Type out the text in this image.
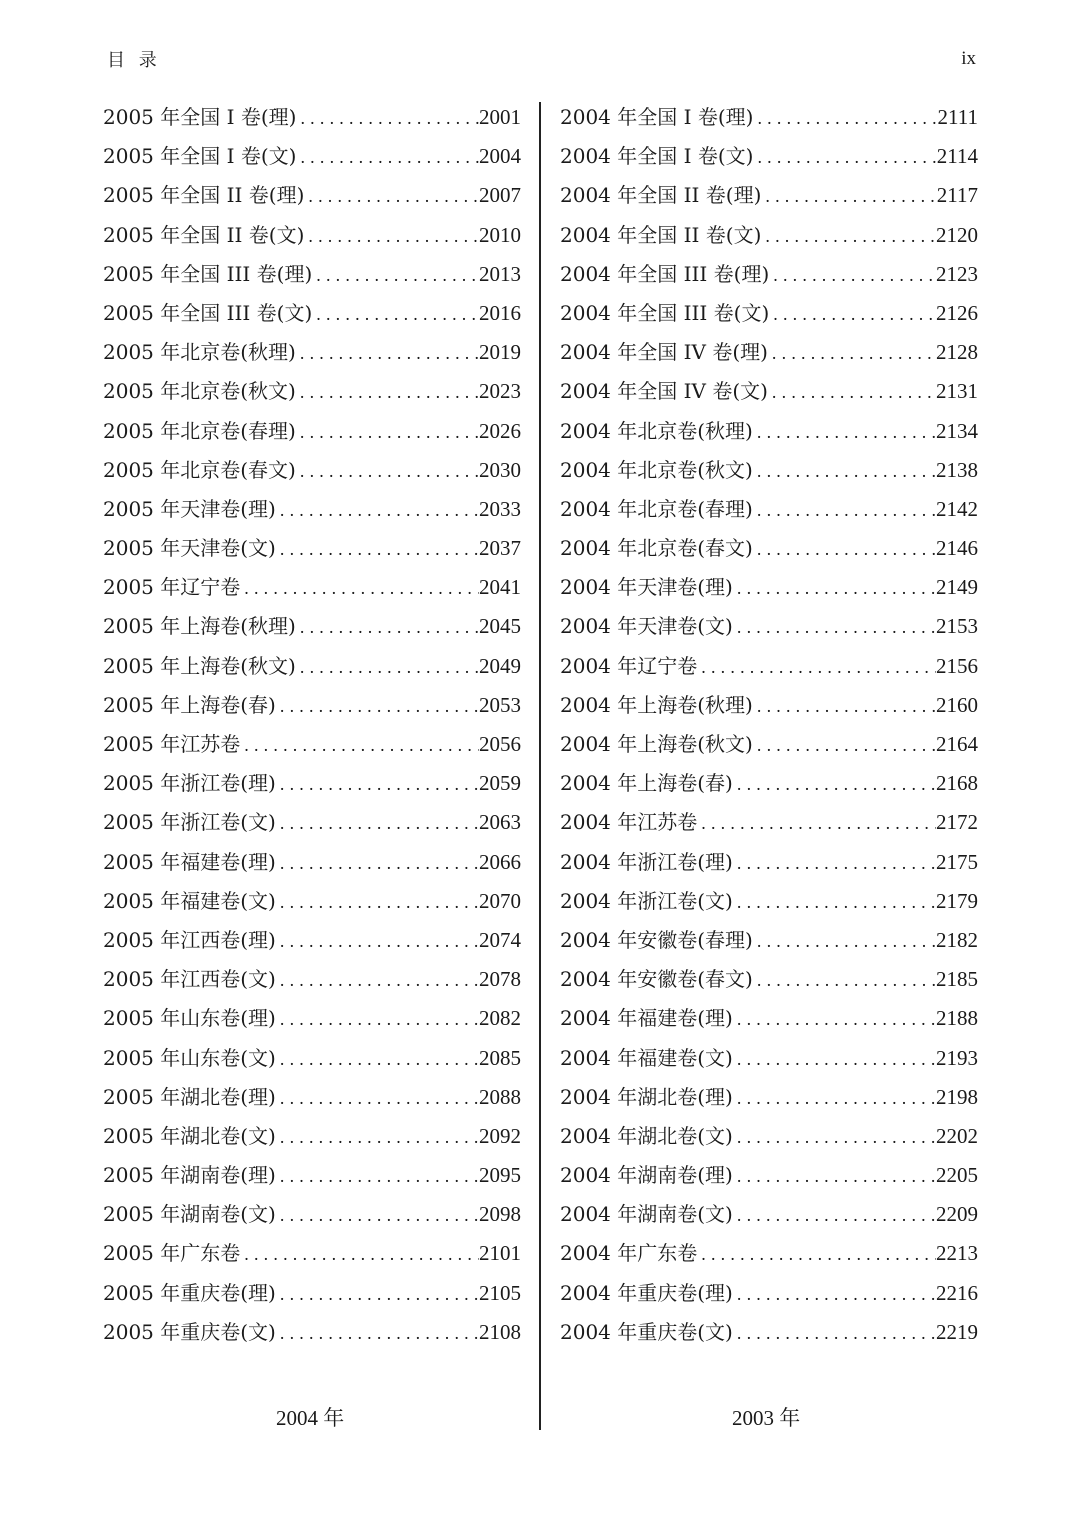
目 录	ix
2005 年全国 I 卷(理) .....	2001
2005 年全国 I 卷(文) .....	2004
2005 年全国 II 卷(理) .....	2007
2005 年全国 II 卷(文) .....	2010
2005 年全国 III 卷(理) .....	2013
2005 年全国 III 卷(文) .....	2016
2005 年北京卷(秋理) .....	2019
2005 年北京卷(秋文) .....	2023
2005 年北京卷(春理) .....	2026
2005 年北京卷(春文) .....	2030
2005 年天津卷(理) .....	2033
2005 年天津卷(文) .....	2037
2005 年辽宁卷 .....	2041
2005 年上海卷(秋理) .....	2045
2005 年上海卷(秋文) .....	2049
2005 年上海卷(春) .....	2053
2005 年江苏卷 .....	2056
2005 年浙江卷(理) .....	2059
2005 年浙江卷(文) .....	2063
2005 年福建卷(理) .....	2066
2005 年福建卷(文) .....	2070
2005 年江西卷(理) .....	2074
2005 年江西卷(文) .....	2078
2005 年山东卷(理) .....	2082
2005 年山东卷(文) .....	2085
2005 年湖北卷(理) .....	2088
2005 年湖北卷(文) .....	2092
2005 年湖南卷(理) .....	2095
2005 年湖南卷(文) .....	2098
2005 年广东卷 .....	2101
2005 年重庆卷(理) .....	2105
2005 年重庆卷(文) .....	2108
2004 年全国 I 卷(理) .....	2111
2004 年全国 I 卷(文) .....	2114
2004 年全国 II 卷(理) .....	2117
2004 年全国 II 卷(文) .....	2120
2004 年全国 III 卷(理) .....	2123
2004 年全国 III 卷(文) .....	2126
2004 年全国 IV 卷(理) .....	2128
2004 年全国 IV 卷(文) .....	2131
2004 年北京卷(秋理) .....	2134
2004 年北京卷(秋文) .....	2138
2004 年北京卷(春理) .....	2142
2004 年北京卷(春文) .....	2146
2004 年天津卷(理) .....	2149
2004 年天津卷(文) .....	2153
2004 年辽宁卷 .....	2156
2004 年上海卷(秋理) .....	2160
2004 年上海卷(秋文) .....	2164
2004 年上海卷(春) .....	2168
2004 年江苏卷 .....	2172
2004 年浙江卷(理) .....	2175
2004 年浙江卷(文) .....	2179
2004 年安徽卷(春理) .....	2182
2004 年安徽卷(春文) .....	2185
2004 年福建卷(理) .....	2188
2004 年福建卷(文) .....	2193
2004 年湖北卷(理) .....	2198
2004 年湖北卷(文) .....	2202
2004 年湖南卷(理) .....	2205
2004 年湖南卷(文) .....	2209
2004 年广东卷 .....	2213
2004 年重庆卷(理) .....	2216
2004 年重庆卷(文) .....	2219
2004 年	2003 年
